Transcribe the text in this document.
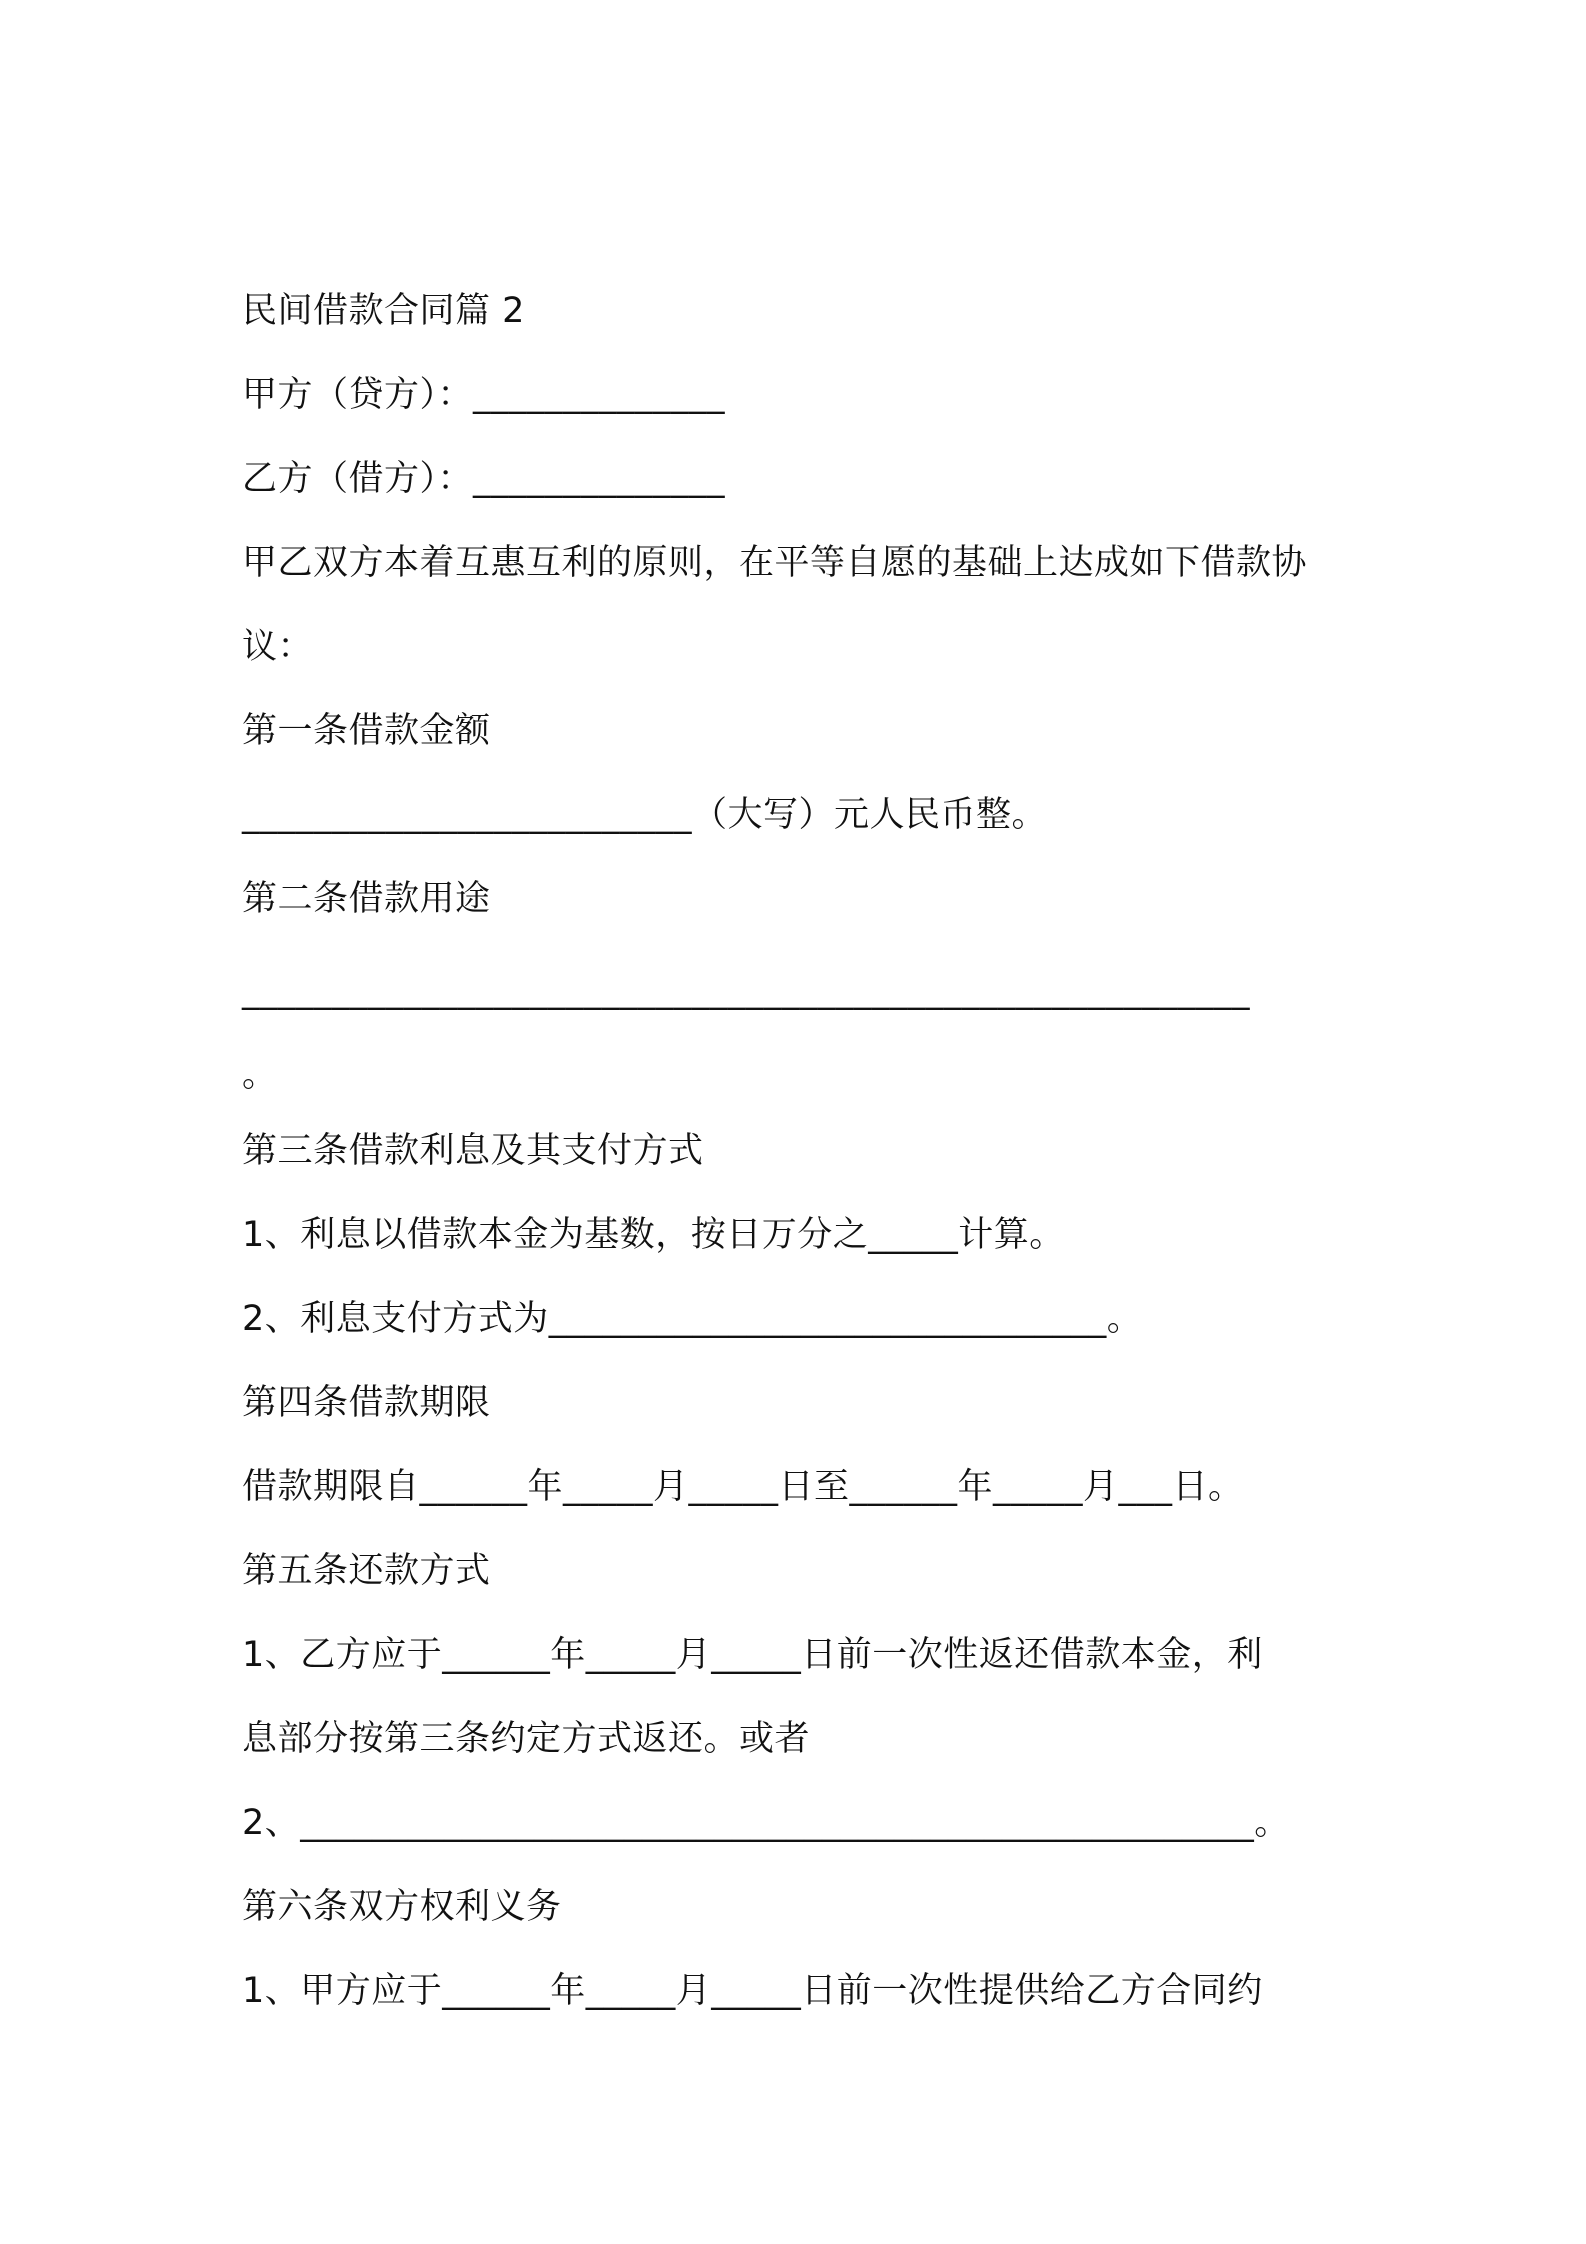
民间借款合同篇 2
甲方（贷方）：______________
乙方（借方）：______________
甲乙双方本着互惠互利的原则，在平等自愿的基础上达成如下借款协
议：
第一条借款金额
_________________________（大写）元人民币整。
第二条借款用途
________________________________________________________
。
第三条借款利息及其支付方式
1、利息以借款本金为基数，按日万分之_____计算。
2、利息支付方式为_______________________________。
第四条借款期限
借款期限自______年_____月_____日至______年_____月___日。
第五条还款方式
1、乙方应于______年_____月_____日前一次性返还借款本金，利
息部分按第三条约定方式返还。或者
2、_____________________________________________________。
第六条双方权利义务
1、甲方应于______年_____月_____日前一次性提供给乙方合同约
